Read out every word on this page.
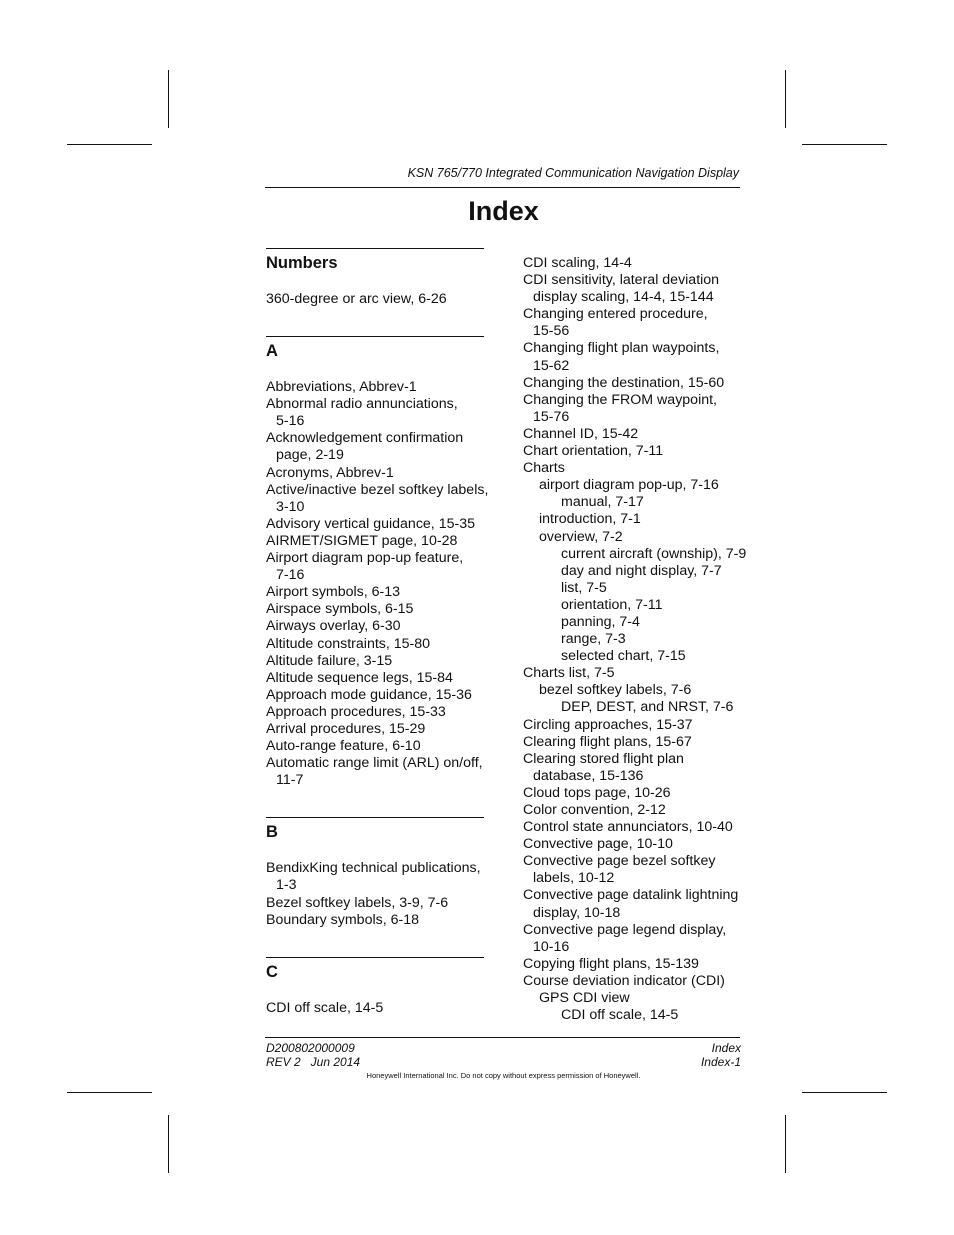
KSN 765/770 Integrated Communication Navigation Display
Index
Numbers
360-degree or arc view, 6-26
A
Abbreviations, Abbrev-1
Abnormal radio annunciations,
5-16
Acknowledgement confirmation
page, 2-19
Acronyms, Abbrev-1
Active/inactive bezel softkey labels,
3-10
Advisory vertical guidance, 15-35
AIRMET/SIGMET page, 10-28
Airport diagram pop-up feature,
7-16
Airport symbols, 6-13
Airspace symbols, 6-15
Airways overlay, 6-30
Altitude constraints, 15-80
Altitude failure, 3-15
Altitude sequence legs, 15-84
Approach mode guidance, 15-36
Approach procedures, 15-33
Arrival procedures, 15-29
Auto-range feature, 6-10
Automatic range limit (ARL) on/off,
11-7
B
BendixKing technical publications,
1-3
Bezel softkey labels, 3-9, 7-6
Boundary symbols, 6-18
C
CDI off scale, 14-5
CDI scaling, 14-4
CDI sensitivity, lateral deviation
display scaling, 14-4, 15-144
Changing entered procedure,
15-56
Changing flight plan waypoints,
15-62
Changing the destination, 15-60
Changing the FROM waypoint,
15-76
Channel ID, 15-42
Chart orientation, 7-11
Charts
airport diagram pop-up, 7-16
manual, 7-17
introduction, 7-1
overview, 7-2
current aircraft (ownship), 7-9
day and night display, 7-7
list, 7-5
orientation, 7-11
panning, 7-4
range, 7-3
selected chart, 7-15
Charts list, 7-5
bezel softkey labels, 7-6
DEP, DEST, and NRST, 7-6
Circling approaches, 15-37
Clearing flight plans, 15-67
Clearing stored flight plan
database, 15-136
Cloud tops page, 10-26
Color convention, 2-12
Control state annunciators, 10-40
Convective page, 10-10
Convective page bezel softkey
labels, 10-12
Convective page datalink lightning
display, 10-18
Convective page legend display,
10-16
Copying flight plans, 15-139
Course deviation indicator (CDI)
GPS CDI view
CDI off scale, 14-5
D200802000009
REV 2   Jun 2014
Index
Index-1
Honeywell International Inc. Do not copy without express permission of Honeywell.
